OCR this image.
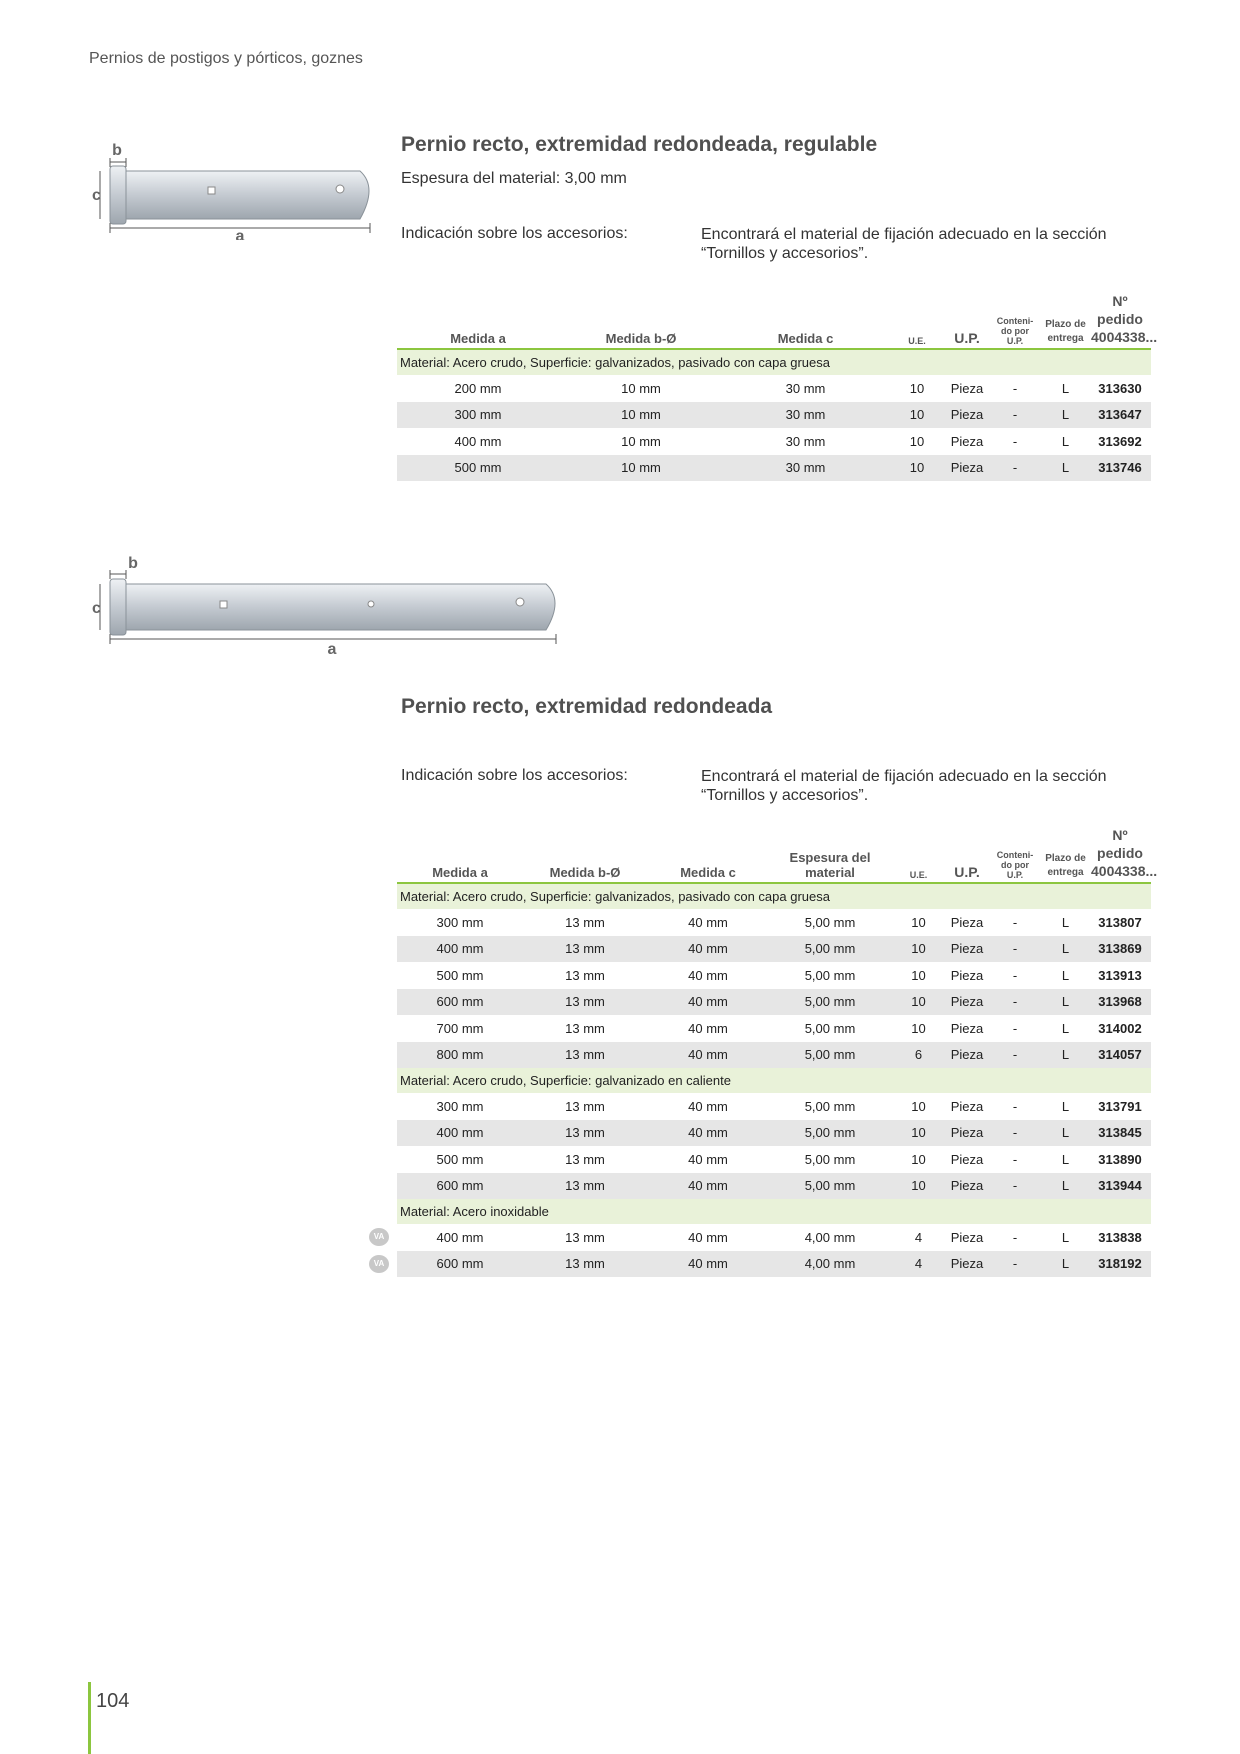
Pernios de postigos y pórticos, goznes
b
c
a
Pernio recto, extremidad redondeada, regulable
Espesura del material: 3,00 mm
Indicación sobre los accesorios:	Encontrará el material de fijación adecuado en la sección “Tornillos y accesorios”.
Medida a	Medida b-Ø	Medida c	U.E.	U.P.	Conteni-
do por
U.P.	Plazo de
entrega	Nº pedido
4004338...
Material: Acero crudo, Superficie: galvanizados, pasivado con capa gruesa							
200 mm	10 mm	30 mm	10	Pieza	-	L	313630
300 mm	10 mm	30 mm	10	Pieza	-	L	313647
400 mm	10 mm	30 mm	10	Pieza	-	L	313692
500 mm	10 mm	30 mm	10	Pieza	-	L	313746
b
c
a
Pernio recto, extremidad redondeada
Indicación sobre los accesorios:	Encontrará el material de fijación adecuado en la sección “Tornillos y accesorios”.
Medida a	Medida b-Ø	Medida c	Espesura del
material	U.E.	U.P.	Conteni-
do por
U.P.	Plazo de
entrega	Nº pedido
4004338...
Material: Acero crudo, Superficie: galvanizados, pasivado con capa gruesa								
300 mm	13 mm	40 mm	5,00 mm	10	Pieza	-	L	313807
400 mm	13 mm	40 mm	5,00 mm	10	Pieza	-	L	313869
500 mm	13 mm	40 mm	5,00 mm	10	Pieza	-	L	313913
600 mm	13 mm	40 mm	5,00 mm	10	Pieza	-	L	313968
700 mm	13 mm	40 mm	5,00 mm	10	Pieza	-	L	314002
800 mm	13 mm	40 mm	5,00 mm	6	Pieza	-	L	314057
Material: Acero crudo, Superficie: galvanizado en caliente								
300 mm	13 mm	40 mm	5,00 mm	10	Pieza	-	L	313791
400 mm	13 mm	40 mm	5,00 mm	10	Pieza	-	L	313845
500 mm	13 mm	40 mm	5,00 mm	10	Pieza	-	L	313890
600 mm	13 mm	40 mm	5,00 mm	10	Pieza	-	L	313944
Material: Acero inoxidable								

VA 400 mm	13 mm	40 mm	4,00 mm	4	Pieza	-	L	313838

VA 600 mm	13 mm	40 mm	4,00 mm	4	Pieza	-	L	318192
104
